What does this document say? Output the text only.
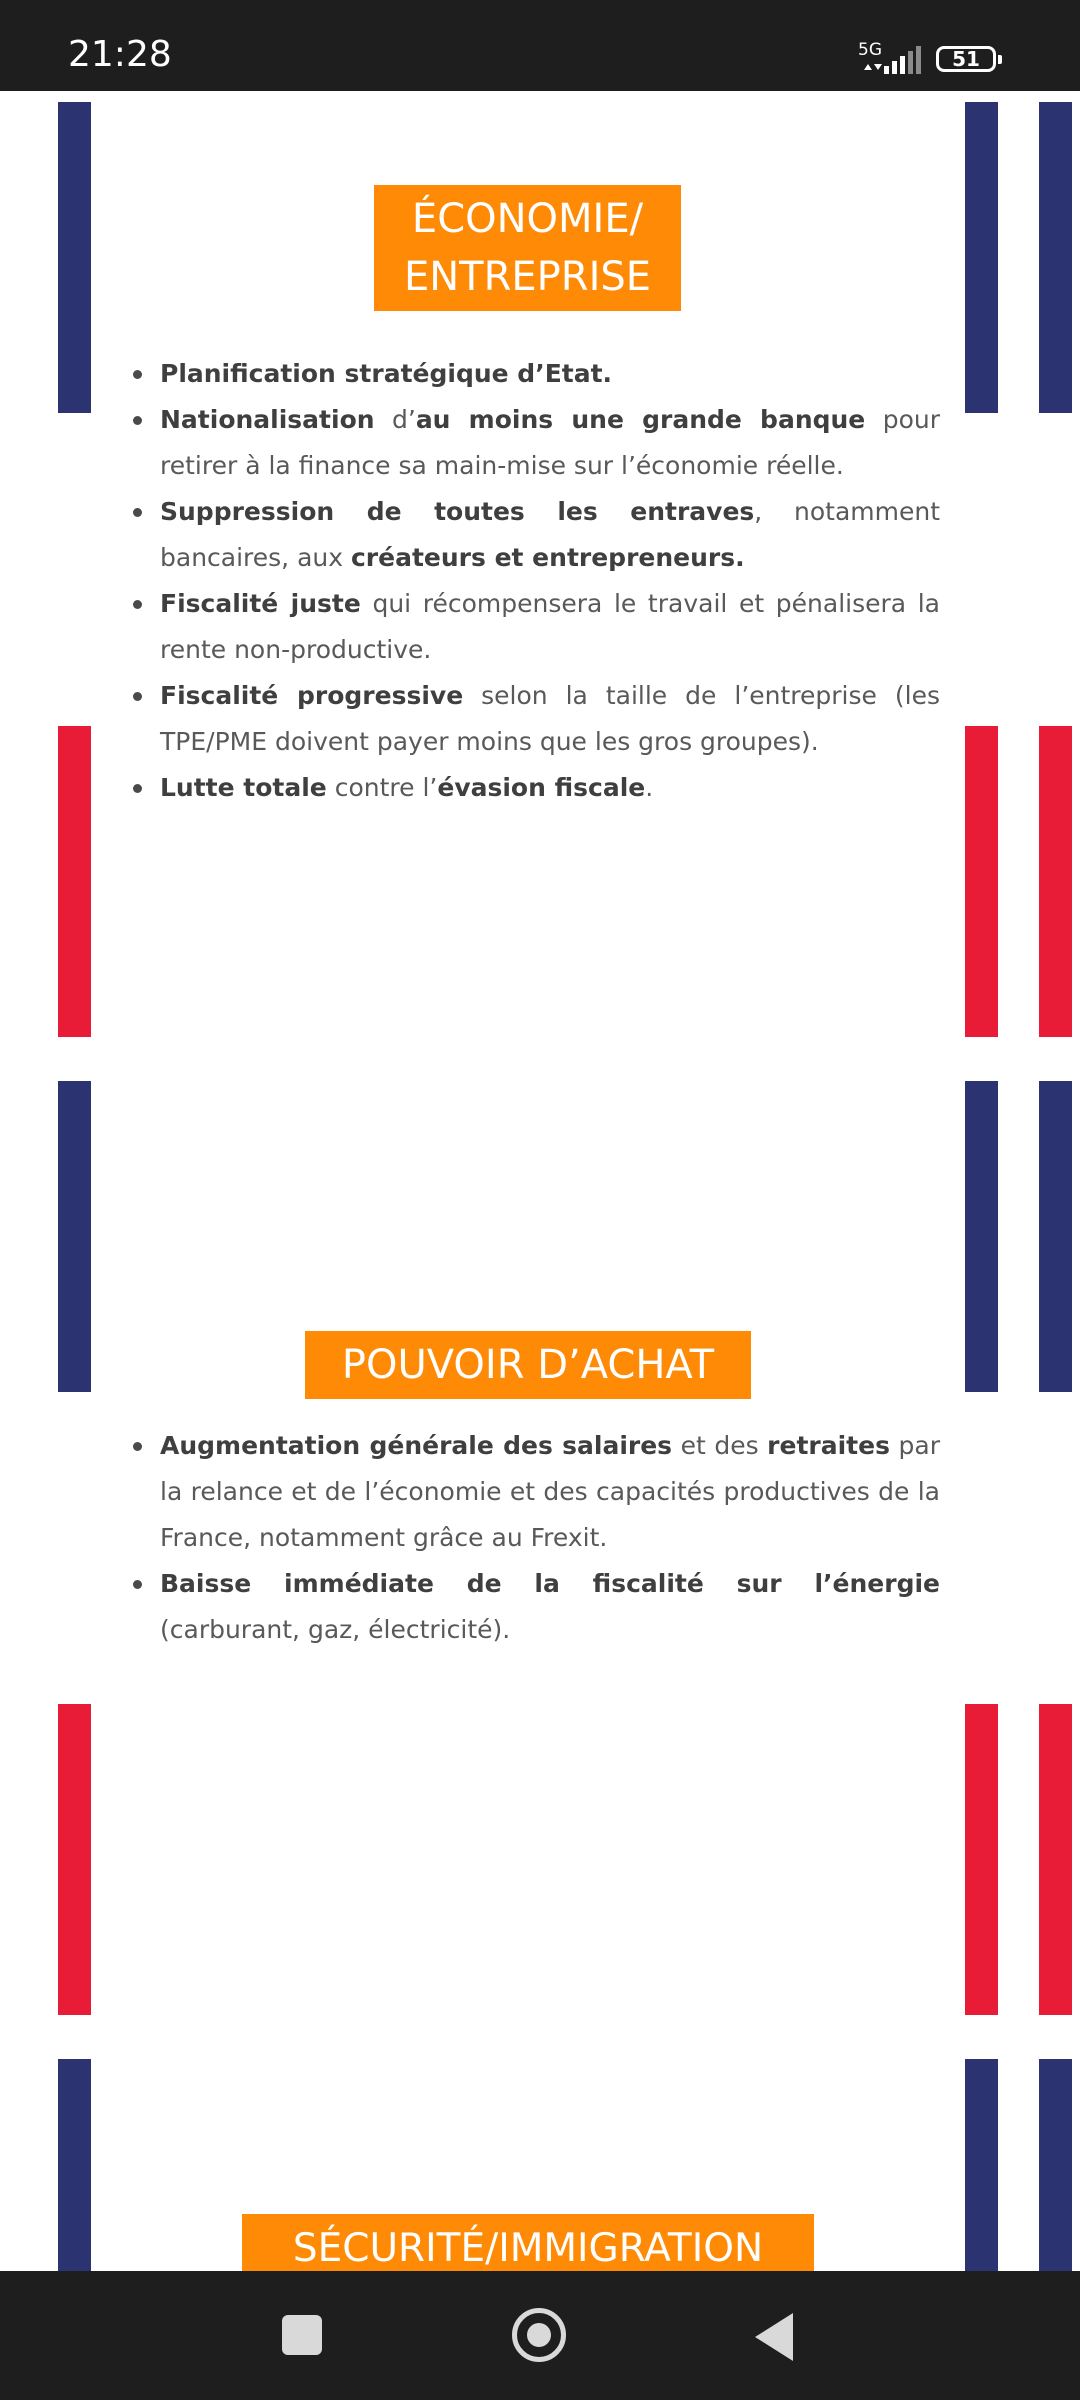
21:28	5G	51
ÉCONOMIE/
ENTREPRISE
Planification stratégique d’Etat.
Nationalisation d’au moins une grande banque pour retirer à la finance sa main-mise sur l’économie réelle.
Suppression de toutes les entraves, notamment bancaires, aux créateurs et entrepreneurs.
Fiscalité juste qui récompensera le travail et pénalisera la rente non-productive.
Fiscalité progressive selon la taille de l’entreprise (les TPE/PME doivent payer moins que les gros groupes).
Lutte totale contre l’évasion fiscale.
POUVOIR D’ACHAT
Augmentation générale des salaires et des retraites par la relance et de l’économie et des capacités productives de la France, notamment grâce au Frexit.
Baisse immédiate de la fiscalité sur l’énergie (carburant, gaz, électricité).
SÉCURITÉ/IMMIGRATION
